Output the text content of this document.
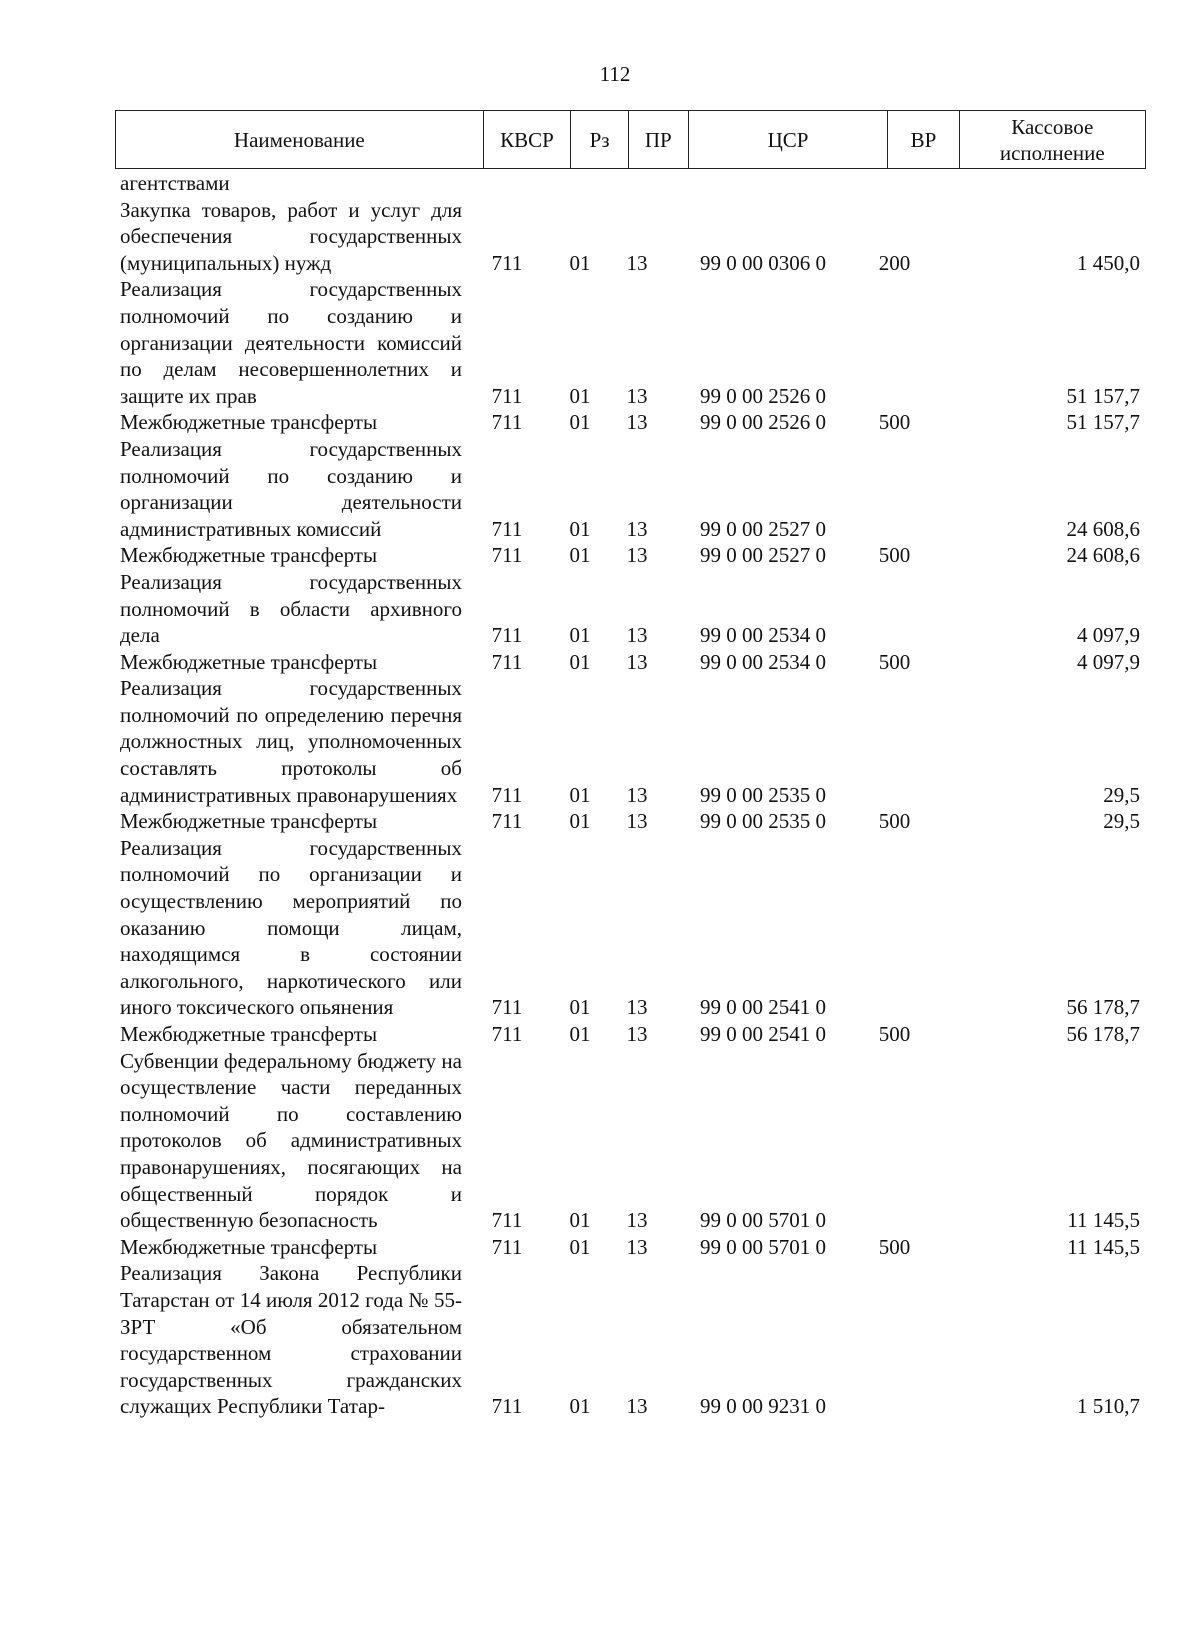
112
Наименование	КВСР	Рз	ПР	ЦСР	ВР	Кассовое исполнение
агентствами						
Закупка товаров, работ и услуг для обеспечения государственных (муниципальных) нужд	711	01	13	99 0 00 0306 0	200	1 450,0
Реализация государственных полномочий по созданию и организации деятельности комиссий по делам несовершеннолетних и защите их прав	711	01	13	99 0 00 2526 0		51 157,7
Межбюджетные трансферты	711	01	13	99 0 00 2526 0	500	51 157,7
Реализация государственных полномочий по созданию и организации деятельности административных комиссий	711	01	13	99 0 00 2527 0		24 608,6
Межбюджетные трансферты	711	01	13	99 0 00 2527 0	500	24 608,6
Реализация государственных полномочий в области архивного дела	711	01	13	99 0 00 2534 0		4 097,9
Межбюджетные трансферты	711	01	13	99 0 00 2534 0	500	4 097,9
Реализация государственных полномочий по определению перечня должностных лиц, уполномоченных составлять протоколы об административных правонарушениях	711	01	13	99 0 00 2535 0		29,5
Межбюджетные трансферты	711	01	13	99 0 00 2535 0	500	29,5
Реализация государственных полномочий по организации и осуществлению мероприятий по оказанию помощи лицам, находящимся в состоянии алкогольного, наркотического или иного токсического опьянения	711	01	13	99 0 00 2541 0		56 178,7
Межбюджетные трансферты	711	01	13	99 0 00 2541 0	500	56 178,7
Субвенции федеральному бюджету на осуществление части переданных полномочий по составлению протоколов об административных правонарушениях, посягающих на общественный порядок и общественную безопасность	711	01	13	99 0 00 5701 0		11 145,5
Межбюджетные трансферты	711	01	13	99 0 00 5701 0	500	11 145,5
Реализация Закона Республики Татарстан от 14 июля 2012 года № 55-ЗРТ «Об обязательном государственном страховании государственных гражданских служащих Республики Татар-	711	01	13	99 0 00 9231 0		1 510,7
